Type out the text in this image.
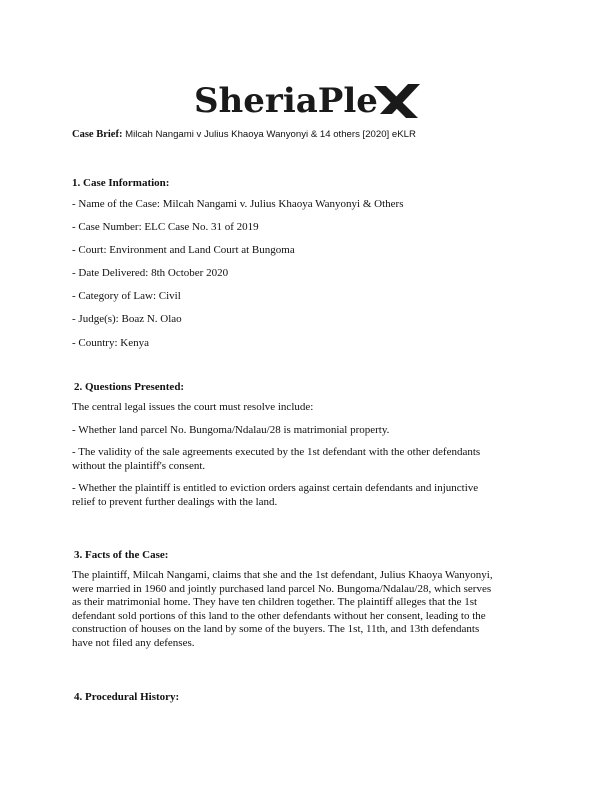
SheriaPle
Case Brief: Milcah Nangami v Julius Khaoya Wanyonyi & 14 others [2020] eKLR

1. Case Information:

- Name of the Case: Milcah Nangami v. Julius Khaoya Wanyonyi & Others

- Case Number: ELC Case No. 31 of 2019

- Court: Environment and Land Court at Bungoma

- Date Delivered: 8th October 2020

- Category of Law: Civil

- Judge(s): Boaz N. Olao

- Country: Kenya

2. Questions Presented:

The central legal issues the court must resolve include:

- Whether land parcel No. Bungoma/Ndalau/28 is matrimonial property.

- The validity of the sale agreements executed by the 1st defendant with the other defendants

without the plaintiff's consent.

- Whether the plaintiff is entitled to eviction orders against certain defendants and injunctive

relief to prevent further dealings with the land.

3. Facts of the Case:

The plaintiff, Milcah Nangami, claims that she and the 1st defendant, Julius Khaoya Wanyonyi,

were married in 1960 and jointly purchased land parcel No. Bungoma/Ndalau/28, which serves

as their matrimonial home. They have ten children together. The plaintiff alleges that the 1st

defendant sold portions of this land to the other defendants without her consent, leading to the

construction of houses on the land by some of the buyers. The 1st, 11th, and 13th defendants

have not filed any defenses.

4. Procedural History:
